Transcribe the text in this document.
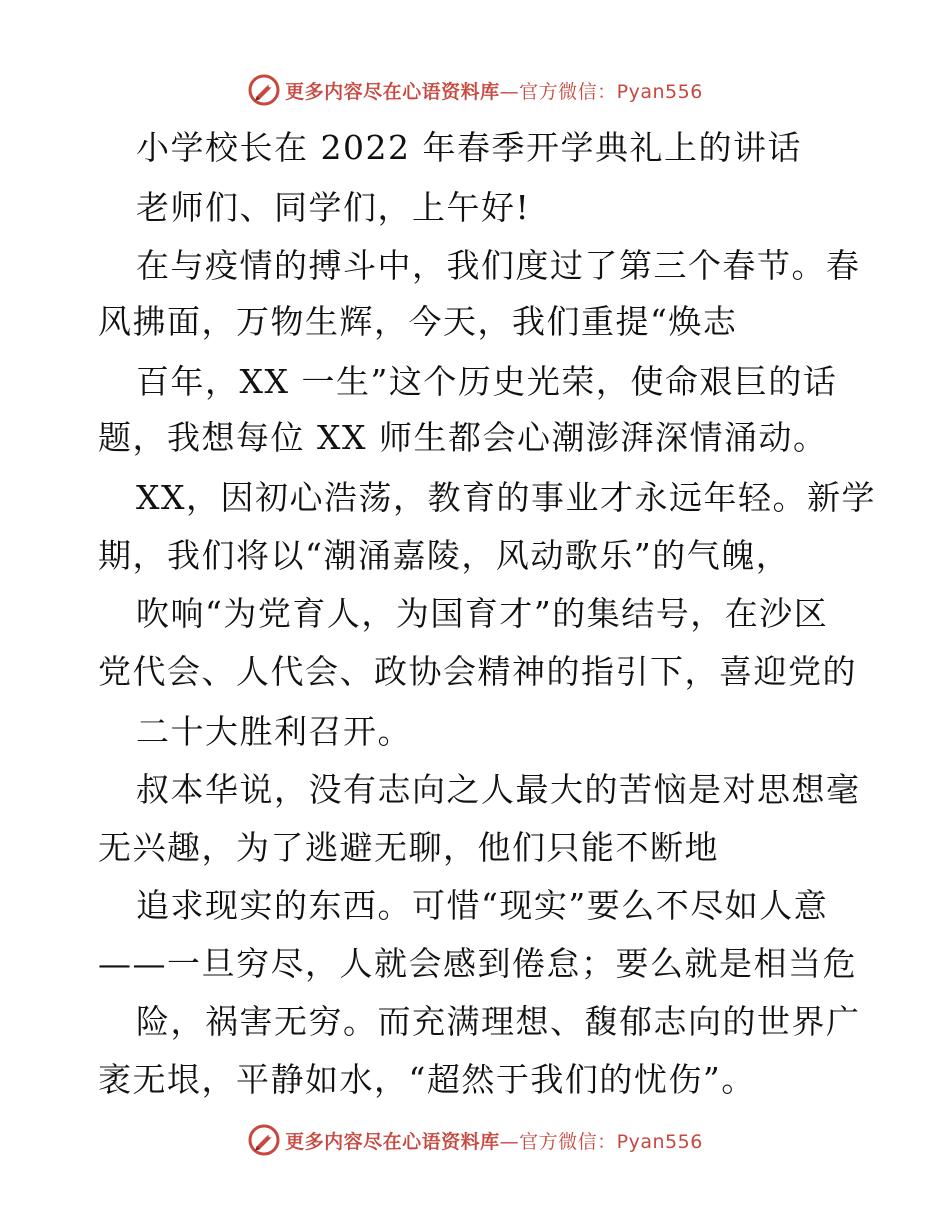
更多内容尽在心语资料库—官方微信：Pyan556
小学校长在 2022 年春季开学典礼上的讲话
老师们、同学们，上午好!
在与疫情的搏斗中，我们度过了第三个春节。春
风拂面，万物生辉，今天，我们重提“焕志
百年，XX 一生”这个历史光荣，使命艰巨的话
题，我想每位 XX 师生都会心潮澎湃深情涌动。
XX，因初心浩荡，教育的事业才永远年轻。新学
期，我们将以“潮涌嘉陵，风动歌乐”的气魄，
吹响“为党育人，为国育才”的集结号，在沙区
党代会、人代会、政协会精神的指引下，喜迎党的
二十大胜利召开。
叔本华说，没有志向之人最大的苦恼是对思想毫
无兴趣，为了逃避无聊，他们只能不断地
追求现实的东西。可惜“现实”要么不尽如人意
——一旦穷尽，人就会感到倦怠；要么就是相当危
险，祸害无穷。而充满理想、馥郁志向的世界广
袤无垠，平静如水，“超然于我们的忧伤”。
更多内容尽在心语资料库—官方微信：Pyan556
